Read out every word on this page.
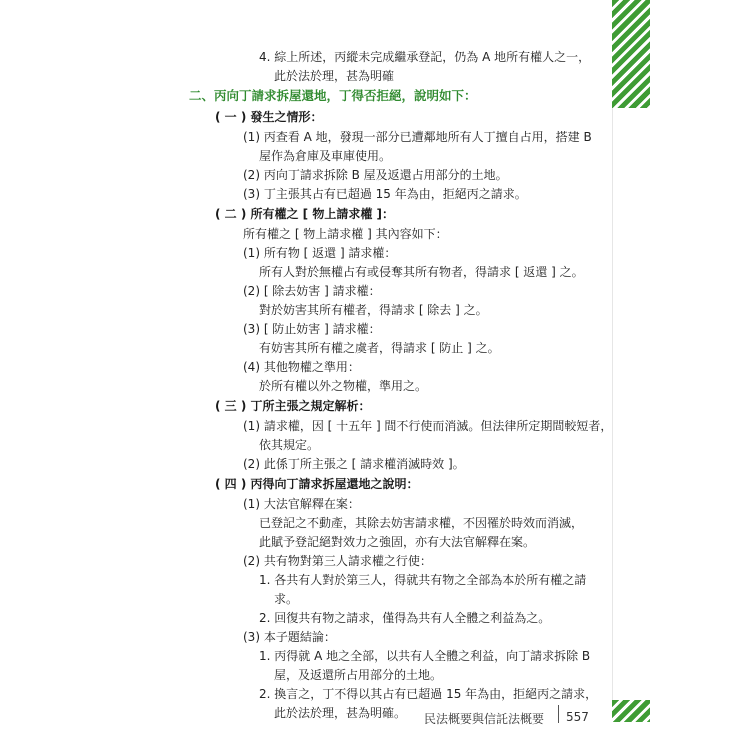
4. 綜上所述，丙縱未完成繼承登記，仍為 A 地所有權人之一，
此於法於理，甚為明確
二、丙向丁請求拆屋還地，丁得否拒絕，說明如下：
( 一 ) 發生之情形：
(1) 丙查看 A 地，發現一部分已遭鄰地所有人丁擅自占用，搭建 B
屋作為倉庫及車庫使用。
(2) 丙向丁請求拆除 B 屋及返還占用部分的土地。
(3) 丁主張其占有已超過 15 年為由，拒絕丙之請求。
( 二 ) 所有權之 [ 物上請求權 ]：
所有權之 [ 物上請求權 ] 其內容如下：
(1) 所有物 [ 返還 ] 請求權：
所有人對於無權占有或侵奪其所有物者，得請求 [ 返還 ] 之。
(2) [ 除去妨害 ] 請求權：
對於妨害其所有權者，得請求 [ 除去 ] 之。
(3) [ 防止妨害 ] 請求權：
有妨害其所有權之虞者，得請求 [ 防止 ] 之。
(4) 其他物權之準用：
於所有權以外之物權，準用之。
( 三 ) 丁所主張之規定解析：
(1) 請求權，因 [ 十五年 ] 間不行使而消滅。但法律所定期間較短者，
依其規定。
(2) 此係丁所主張之 [ 請求權消滅時效 ]。
( 四 ) 丙得向丁請求拆屋還地之說明：
(1) 大法官解釋在案：
已登記之不動產，其除去妨害請求權，不因罹於時效而消滅，
此賦予登記絕對效力之強固，亦有大法官解釋在案。
(2) 共有物對第三人請求權之行使：
1. 各共有人對於第三人，得就共有物之全部為本於所有權之請
求。
2. 回復共有物之請求，僅得為共有人全體之利益為之。
(3) 本子題結論：
1. 丙得就 A 地之全部，以共有人全體之利益，向丁請求拆除 B
屋，及返還所占用部分的土地。
2. 換言之，丁不得以其占有已超過 15 年為由，拒絕丙之請求，
此於法於理，甚為明確。 民法概要與信託法概要 557
